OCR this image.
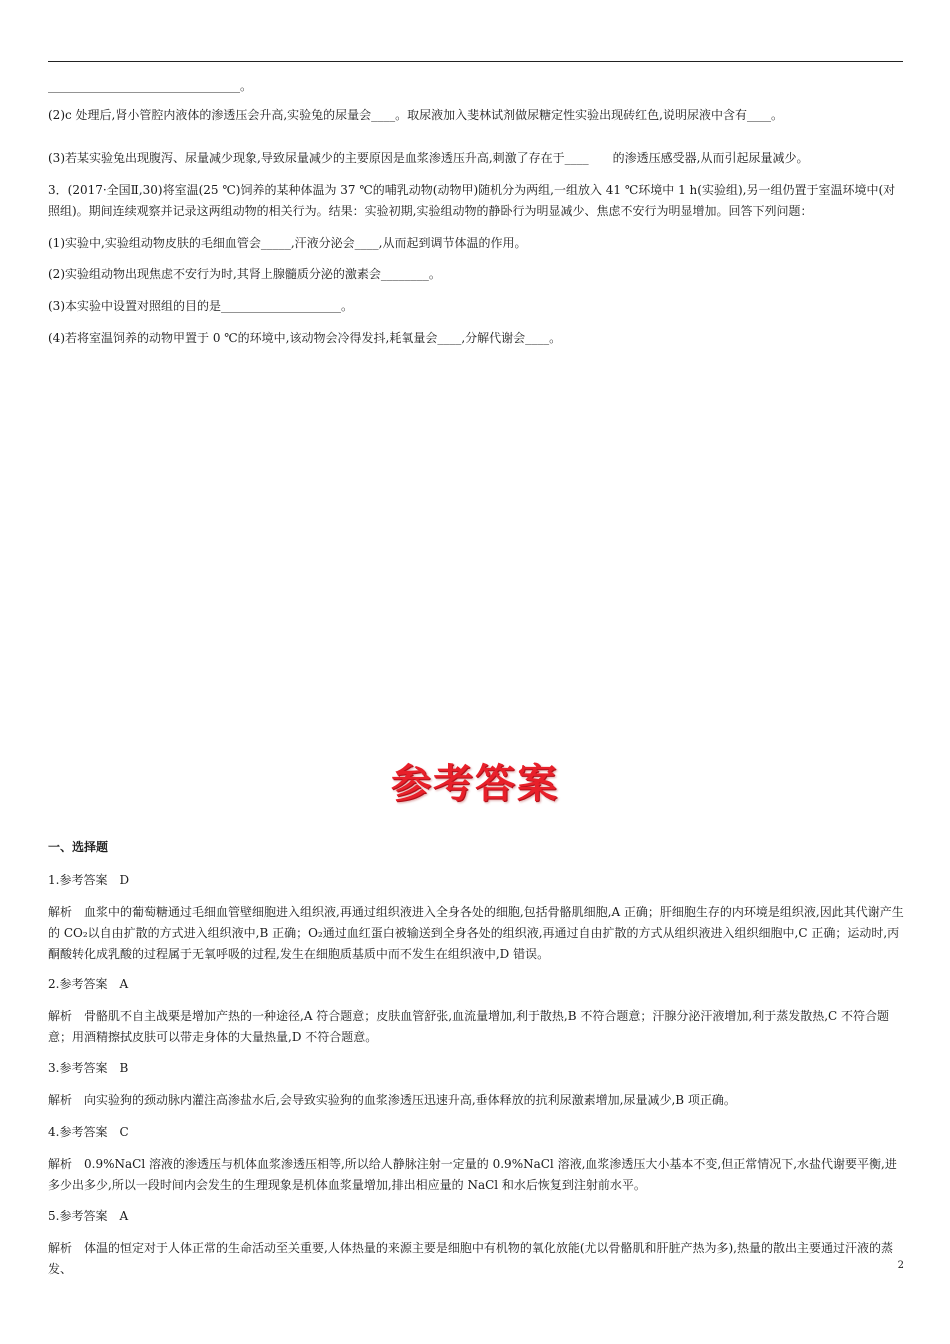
________________________________。
(2)c 处理后,肾小管腔内液体的渗透压会升高,实验兔的尿量会____。取尿液加入斐林试剂做尿糖定性实验出现砖红色,说明尿液中含有____。
(3)若某实验兔出现腹泻、尿量减少现象,导致尿量减少的主要原因是血浆渗透压升高,刺激了存在于____　　的渗透压感受器,从而引起尿量减少。
3．(2017·全国Ⅱ,30)将室温(25 ℃)饲养的某种体温为 37 ℃的哺乳动物(动物甲)随机分为两组,一组放入 41 ℃环境中 1 h(实验组),另一组仍置于室温环境中(对照组)。期间连续观察并记录这两组动物的相关行为。结果：实验初期,实验组动物的静卧行为明显减少、焦虑不安行为明显增加。回答下列问题：
(1)实验中,实验组动物皮肤的毛细血管会_____,汗液分泌会____,从而起到调节体温的作用。
(2)实验组动物出现焦虑不安行为时,其肾上腺髓质分泌的激素会________。
(3)本实验中设置对照组的目的是____________________。
(4)若将室温饲养的动物甲置于 0 ℃的环境中,该动物会冷得发抖,耗氧量会____,分解代谢会____。
参考答案
一、选择题
1.参考答案　D
解析　血浆中的葡萄糖通过毛细血管壁细胞进入组织液,再通过组织液进入全身各处的细胞,包括骨骼肌细胞,A 正确；肝细胞生存的内环境是组织液,因此其代谢产生的 CO₂以自由扩散的方式进入组织液中,B 正确；O₂通过血红蛋白被输送到全身各处的组织液,再通过自由扩散的方式从组织液进入组织细胞中,C 正确；运动时,丙酮酸转化成乳酸的过程属于无氧呼吸的过程,发生在细胞质基质中而不发生在组织液中,D 错误。
2.参考答案　A
解析　骨骼肌不自主战栗是增加产热的一种途径,A 符合题意；皮肤血管舒张,血流量增加,利于散热,B 不符合题意；汗腺分泌汗液增加,利于蒸发散热,C 不符合题意；用酒精擦拭皮肤可以带走身体的大量热量,D 不符合题意。
3.参考答案　B
解析　向实验狗的颈动脉内灌注高渗盐水后,会导致实验狗的血浆渗透压迅速升高,垂体释放的抗利尿激素增加,尿量减少,B 项正确。
4.参考答案　C
解析　0.9%NaCl 溶液的渗透压与机体血浆渗透压相等,所以给人静脉注射一定量的 0.9%NaCl 溶液,血浆渗透压大小基本不变,但正常情况下,水盐代谢要平衡,进多少出多少,所以一段时间内会发生的生理现象是机体血浆量增加,排出相应量的 NaCl 和水后恢复到注射前水平。
5.参考答案　A
解析　体温的恒定对于人体正常的生命活动至关重要,人体热量的来源主要是细胞中有机物的氧化放能(尤以骨骼肌和肝脏产热为多),热量的散出主要通过汗液的蒸发、	2
